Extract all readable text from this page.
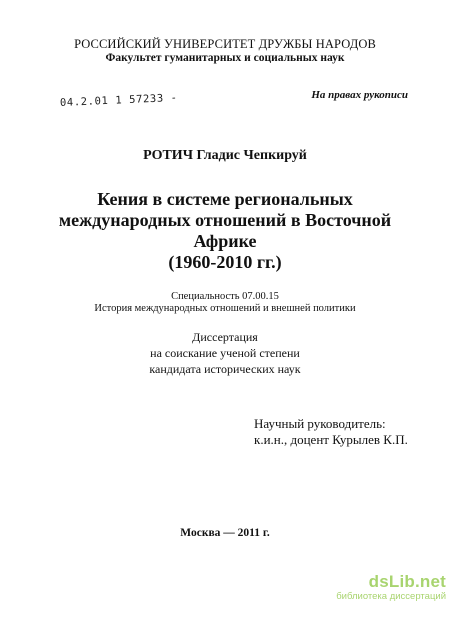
РОССИЙСКИЙ УНИВЕРСИТЕТ ДРУЖБЫ НАРОДОВ
Факультет гуманитарных и социальных наук
04.2.01 1 57233 -	На правах рукописи
РОТИЧ Гладис Чепкируй
Кения в системе региональных
международных отношений в Восточной
Африке
(1960-2010 гг.)
Специальность 07.00.15
История международных отношений и внешней политики
Диссертация
на соискание ученой степени
кандидата исторических наук
Научный руководитель:
к.и.н., доцент Курылев К.П.
Москва — 2011 г.
dsLib.net
библиотека диссертаций
